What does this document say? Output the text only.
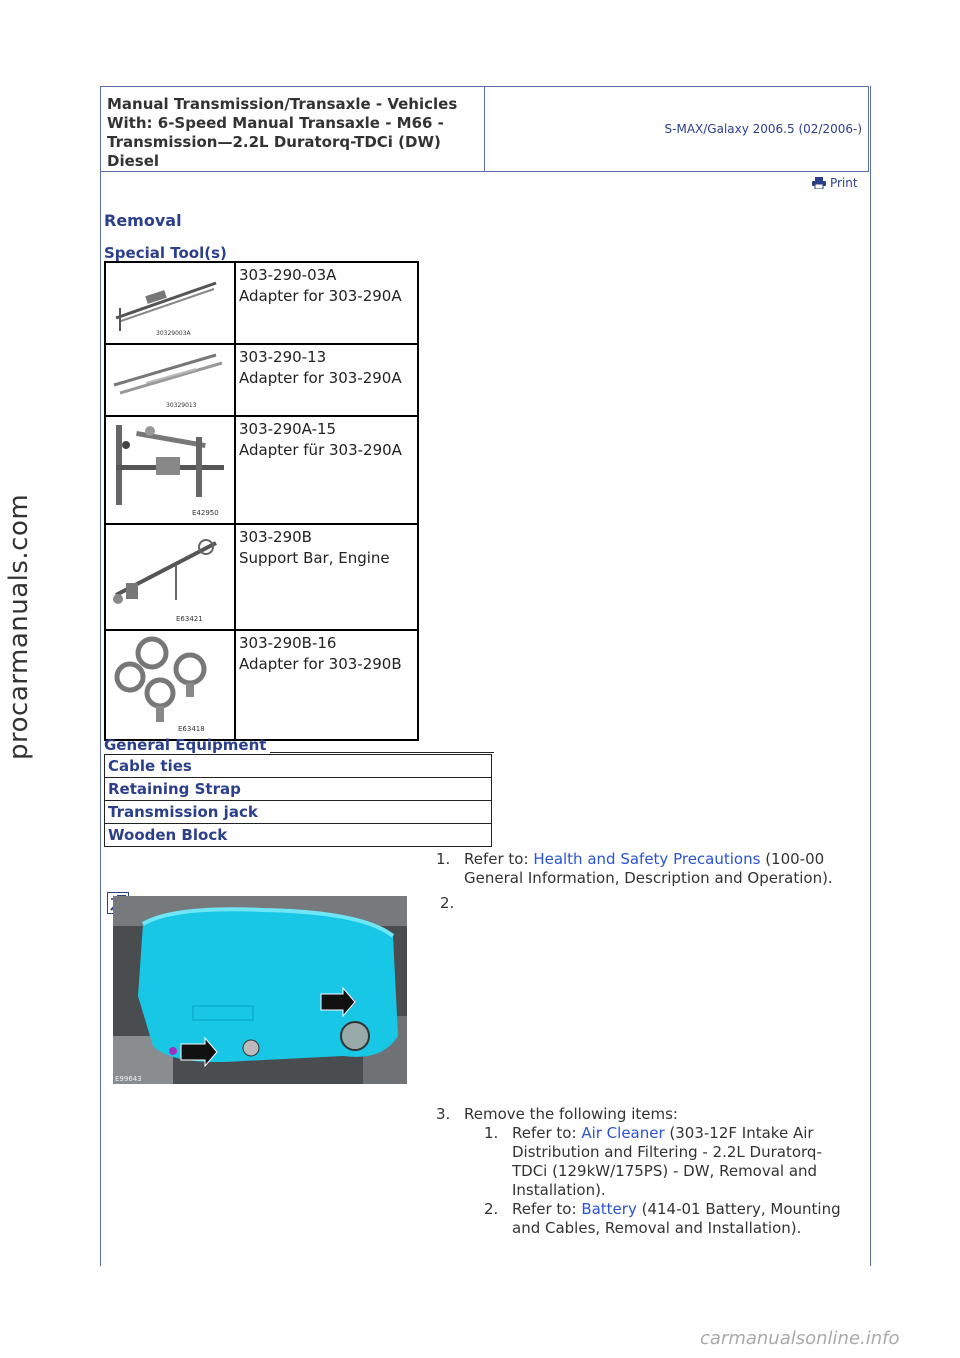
Manual Transmission/Transaxle - Vehicles With: 6-Speed Manual Transaxle - M66 - Transmission—2.2L Duratorq-TDCi (DW) Diesel
S-MAX/Galaxy 2006.5 (02/2006-)
Print
Removal
Special Tool(s)
30329003A	303-290-03A
Adapter for 303-290A

30329013	303-290-13
Adapter for 303-290A

E42950	303-290A-15
Adapter für 303-290A

E63421	303-290B
Support Bar, Engine

E63418	303-290B-16
Adapter for 303-290B
General Equipment
Cable ties
Retaining Strap
Transmission jack
Wooden Block
1. Refer to: Health and Safety Precautions (100-00
General Information, Description and Operation).
E99643
2.
3. Remove the following items:
1. Refer to: Air Cleaner (303-12F Intake Air
Distribution and Filtering - 2.2L Duratorq-
TDCi (129kW/175PS) - DW, Removal and
Installation).
2. Refer to: Battery (414-01 Battery, Mounting
and Cables, Removal and Installation).
procarmanuals.com
carmanualsonline.info
